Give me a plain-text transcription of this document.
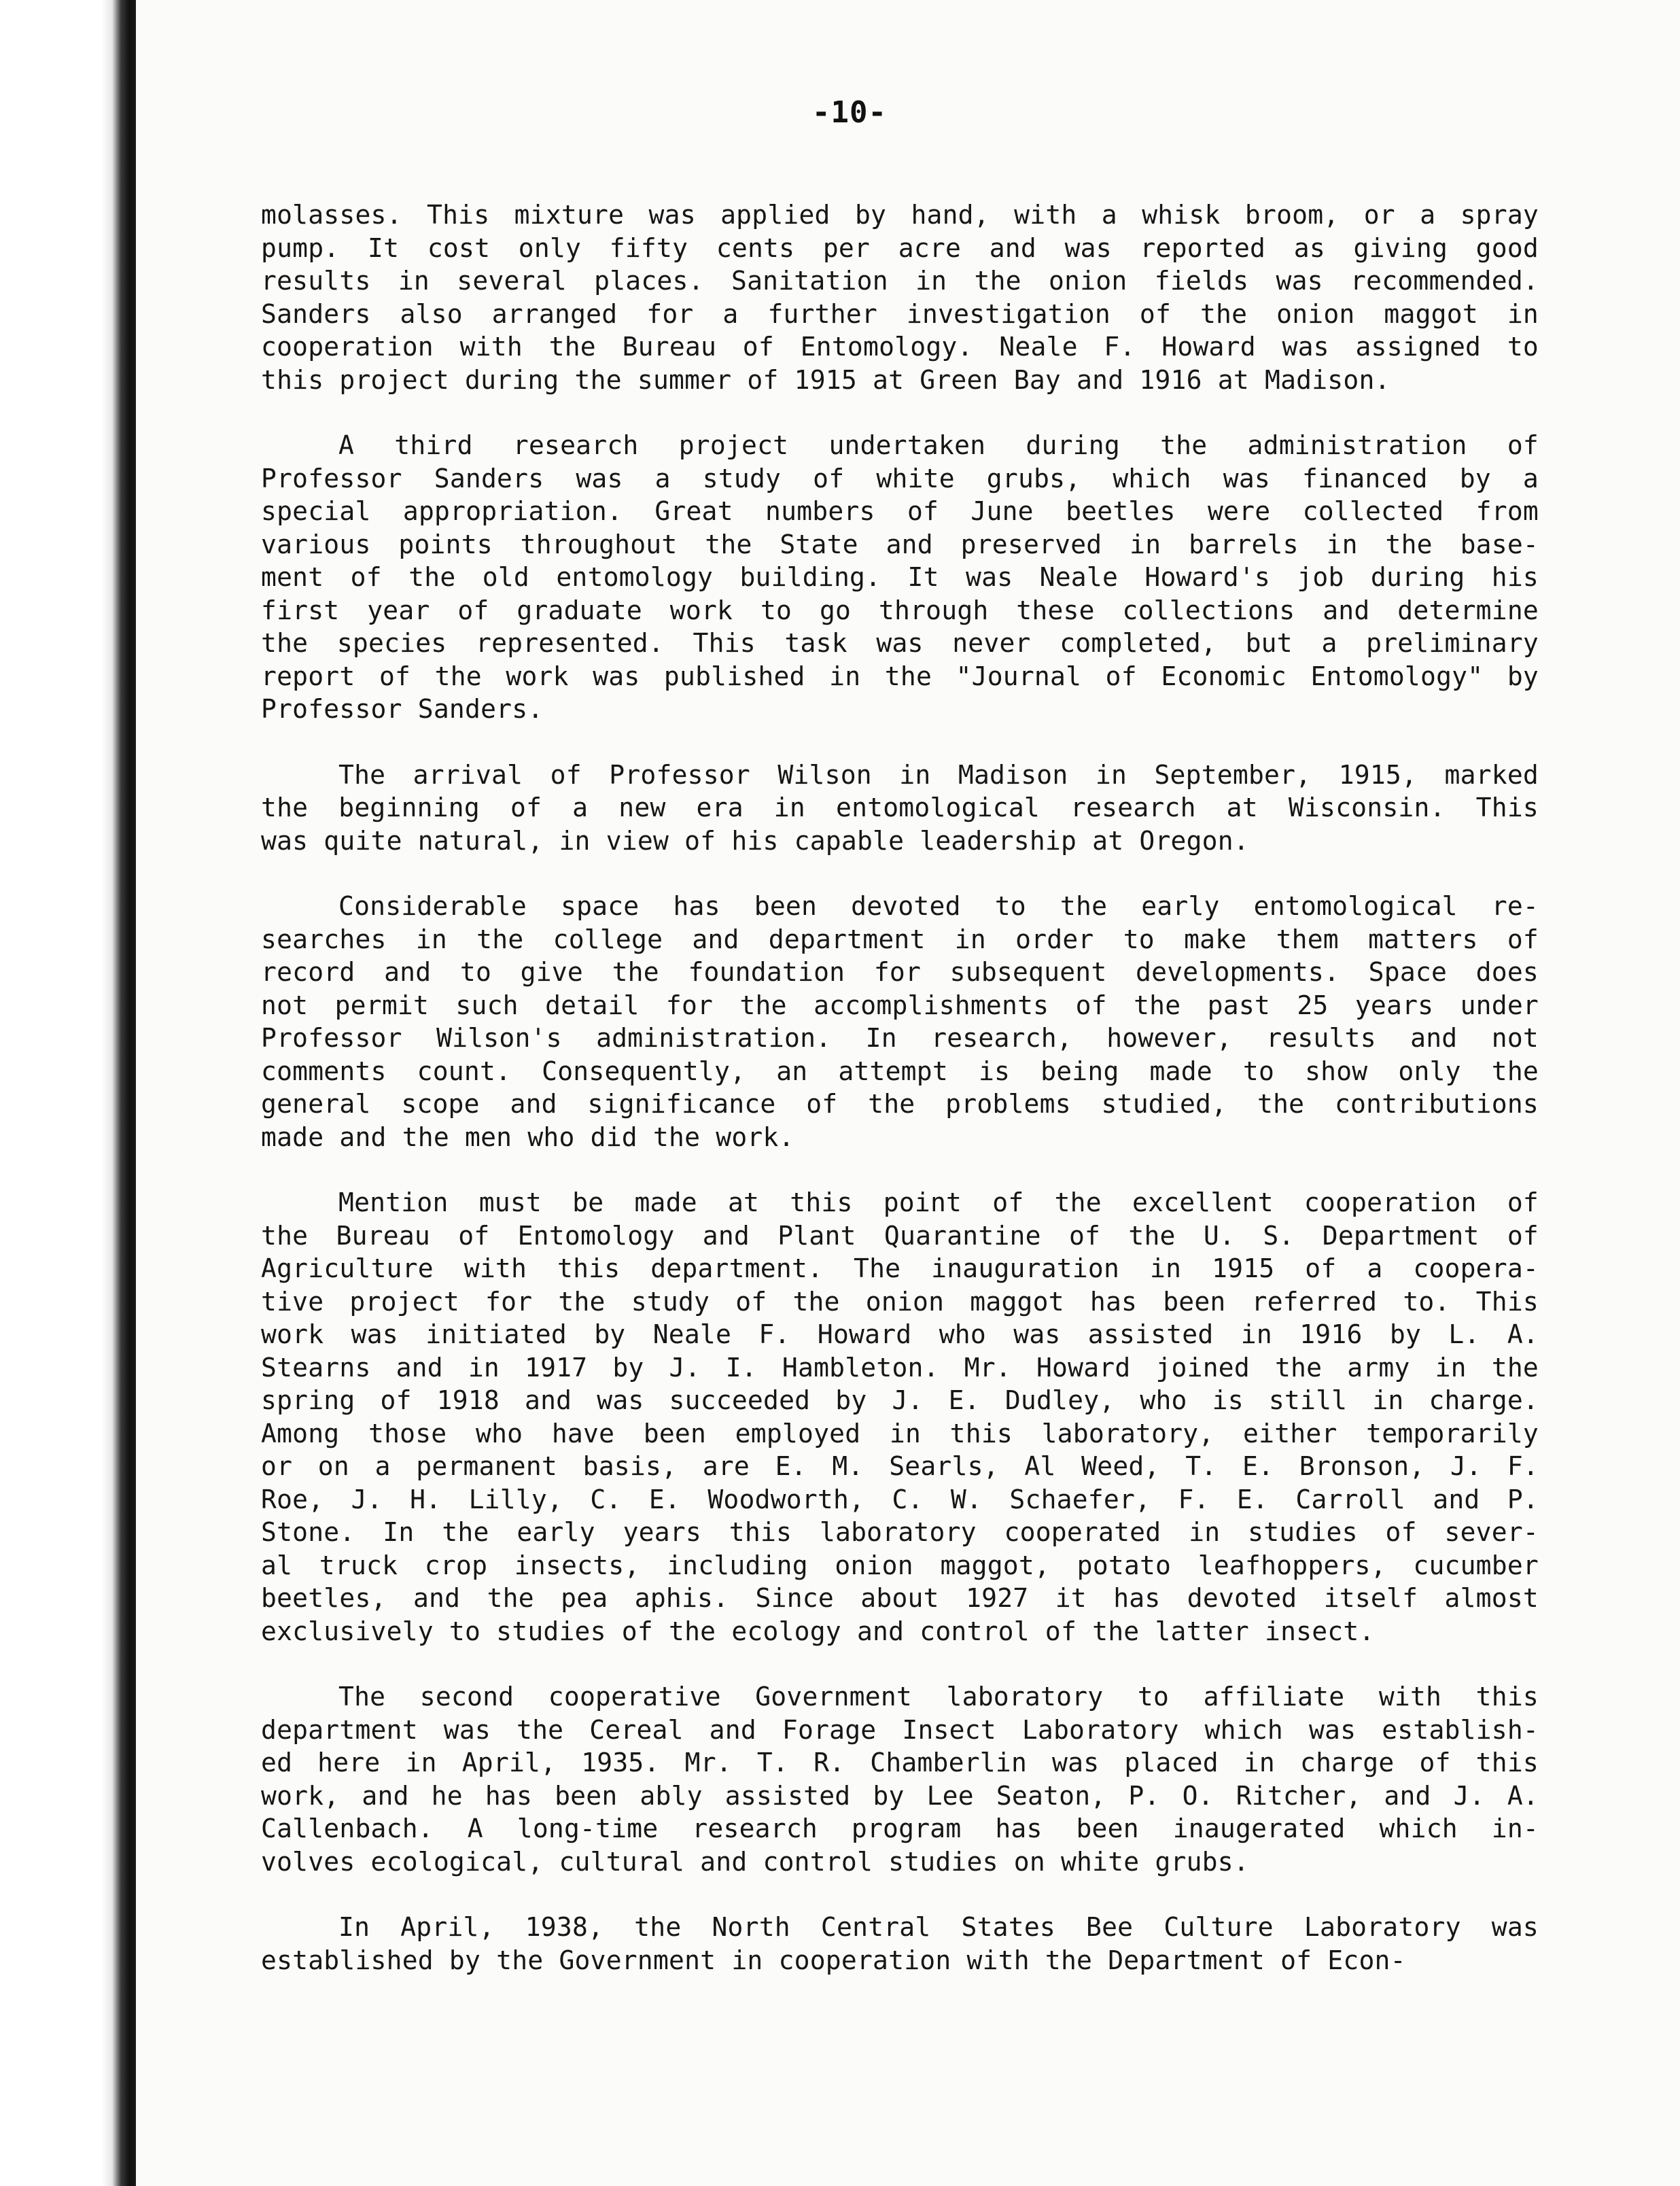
-10-

molasses. This mixture was applied by hand, with a whisk broom, or a spray
pump. It cost only fifty cents per acre and was reported as giving good
results in several places. Sanitation in the onion fields was recommended.
Sanders also arranged for a further investigation of the onion maggot in
cooperation with the Bureau of Entomology. Neale F. Howard was assigned to
this project during the summer of 1915 at Green Bay and 1916 at Madison.

A third research project undertaken during the administration of
Professor Sanders was a study of white grubs, which was financed by a
special appropriation. Great numbers of June beetles were collected from
various points throughout the State and preserved in barrels in the base-
ment of the old entomology building. It was Neale Howard's job during his
first year of graduate work to go through these collections and determine
the species represented. This task was never completed, but a preliminary
report of the work was published in the "Journal of Economic Entomology" by
Professor Sanders.

The arrival of Professor Wilson in Madison in September, 1915, marked
the beginning of a new era in entomological research at Wisconsin. This
was quite natural, in view of his capable leadership at Oregon.

Considerable space has been devoted to the early entomological re-
searches in the college and department in order to make them matters of
record and to give the foundation for subsequent developments. Space does
not permit such detail for the accomplishments of the past 25 years under
Professor Wilson's administration. In research, however, results and not
comments count. Consequently, an attempt is being made to show only the
general scope and significance of the problems studied, the contributions
made and the men who did the work.

Mention must be made at this point of the excellent cooperation of
the Bureau of Entomology and Plant Quarantine of the U. S. Department of
Agriculture with this department. The inauguration in 1915 of a coopera-
tive project for the study of the onion maggot has been referred to. This
work was initiated by Neale F. Howard who was assisted in 1916 by L. A.
Stearns and in 1917 by J. I. Hambleton. Mr. Howard joined the army in the
spring of 1918 and was succeeded by J. E. Dudley, who is still in charge.
Among those who have been employed in this laboratory, either temporarily
or on a permanent basis, are E. M. Searls, Al Weed, T. E. Bronson, J. F.
Roe, J. H. Lilly, C. E. Woodworth, C. W. Schaefer, F. E. Carroll and P.
Stone. In the early years this laboratory cooperated in studies of sever-
al truck crop insects, including onion maggot, potato leafhoppers, cucumber
beetles, and the pea aphis. Since about 1927 it has devoted itself almost
exclusively to studies of the ecology and control of the latter insect.

The second cooperative Government laboratory to affiliate with this
department was the Cereal and Forage Insect Laboratory which was establish-
ed here in April, 1935. Mr. T. R. Chamberlin was placed in charge of this
work, and he has been ably assisted by Lee Seaton, P. O. Ritcher, and J. A.
Callenbach. A long-time research program has been inaugerated which in-
volves ecological, cultural and control studies on white grubs.

In April, 1938, the North Central States Bee Culture Laboratory was
established by the Government in cooperation with the Department of Econ-
